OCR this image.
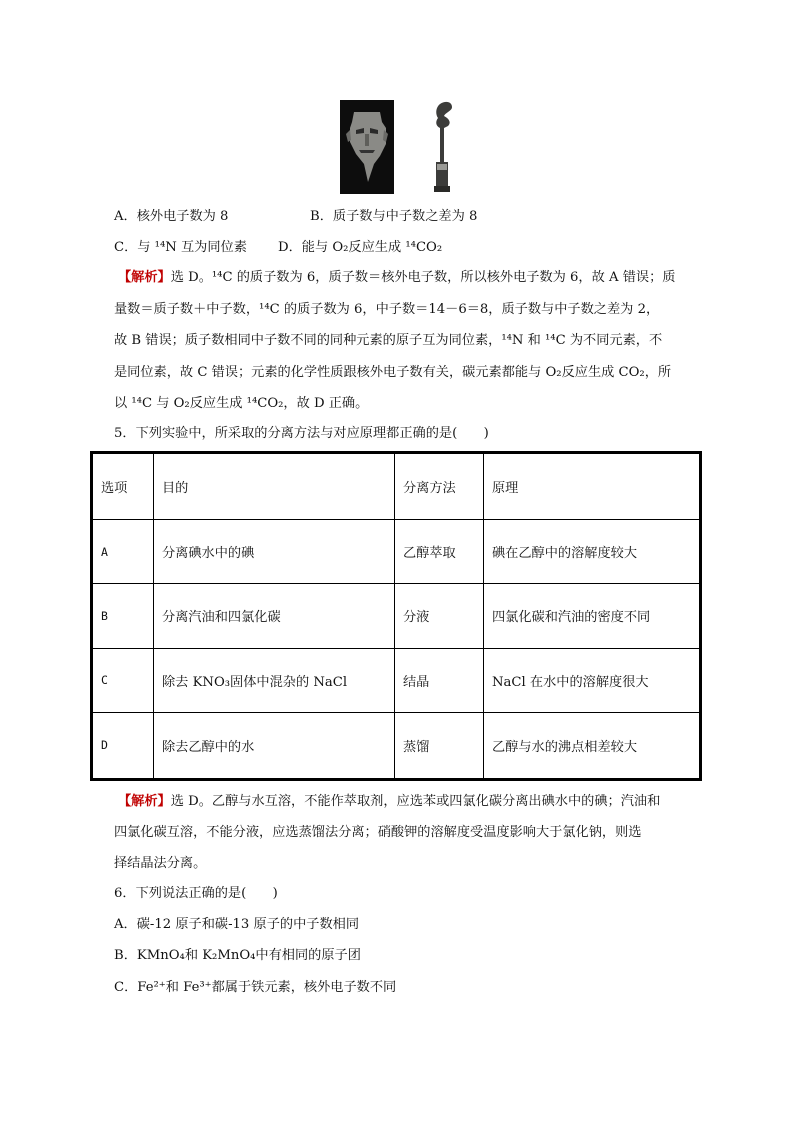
A．核外电子数为 8	B．质子数与中子数之差为 8
C．与 ¹⁴N 互为同位素 D．能与 O₂反应生成 ¹⁴CO₂
【解析】选 D。¹⁴C 的质子数为 6，质子数＝核外电子数，所以核外电子数为 6，故 A 错误；质
量数＝质子数＋中子数，¹⁴C 的质子数为 6，中子数＝14－6＝8，质子数与中子数之差为 2，
故 B 错误；质子数相同中子数不同的同种元素的原子互为同位素，¹⁴N 和 ¹⁴C 为不同元素，不
是同位素，故 C 错误；元素的化学性质跟核外电子数有关，碳元素都能与 O₂反应生成 CO₂，所
以 ¹⁴C 与 O₂反应生成 ¹⁴CO₂，故 D 正确。
5．下列实验中，所采取的分离方法与对应原理都正确的是(　　)
选项	目的	分离方法	原理
A	分离碘水中的碘	乙醇萃取	碘在乙醇中的溶解度较大
B	分离汽油和四氯化碳	分液	四氯化碳和汽油的密度不同
C	除去 KNO₃固体中混杂的 NaCl	结晶	NaCl 在水中的溶解度很大
D	除去乙醇中的水	蒸馏	乙醇与水的沸点相差较大
【解析】选 D。乙醇与水互溶，不能作萃取剂，应选苯或四氯化碳分离出碘水中的碘；汽油和
四氯化碳互溶，不能分液，应选蒸馏法分离；硝酸钾的溶解度受温度影响大于氯化钠，则选
择结晶法分离。
6．下列说法正确的是(　　)
A．碳-12 原子和碳-13 原子的中子数相同
B．KMnO₄和 K₂MnO₄中有相同的原子团
C．Fe²⁺和 Fe³⁺都属于铁元素，核外电子数不同
